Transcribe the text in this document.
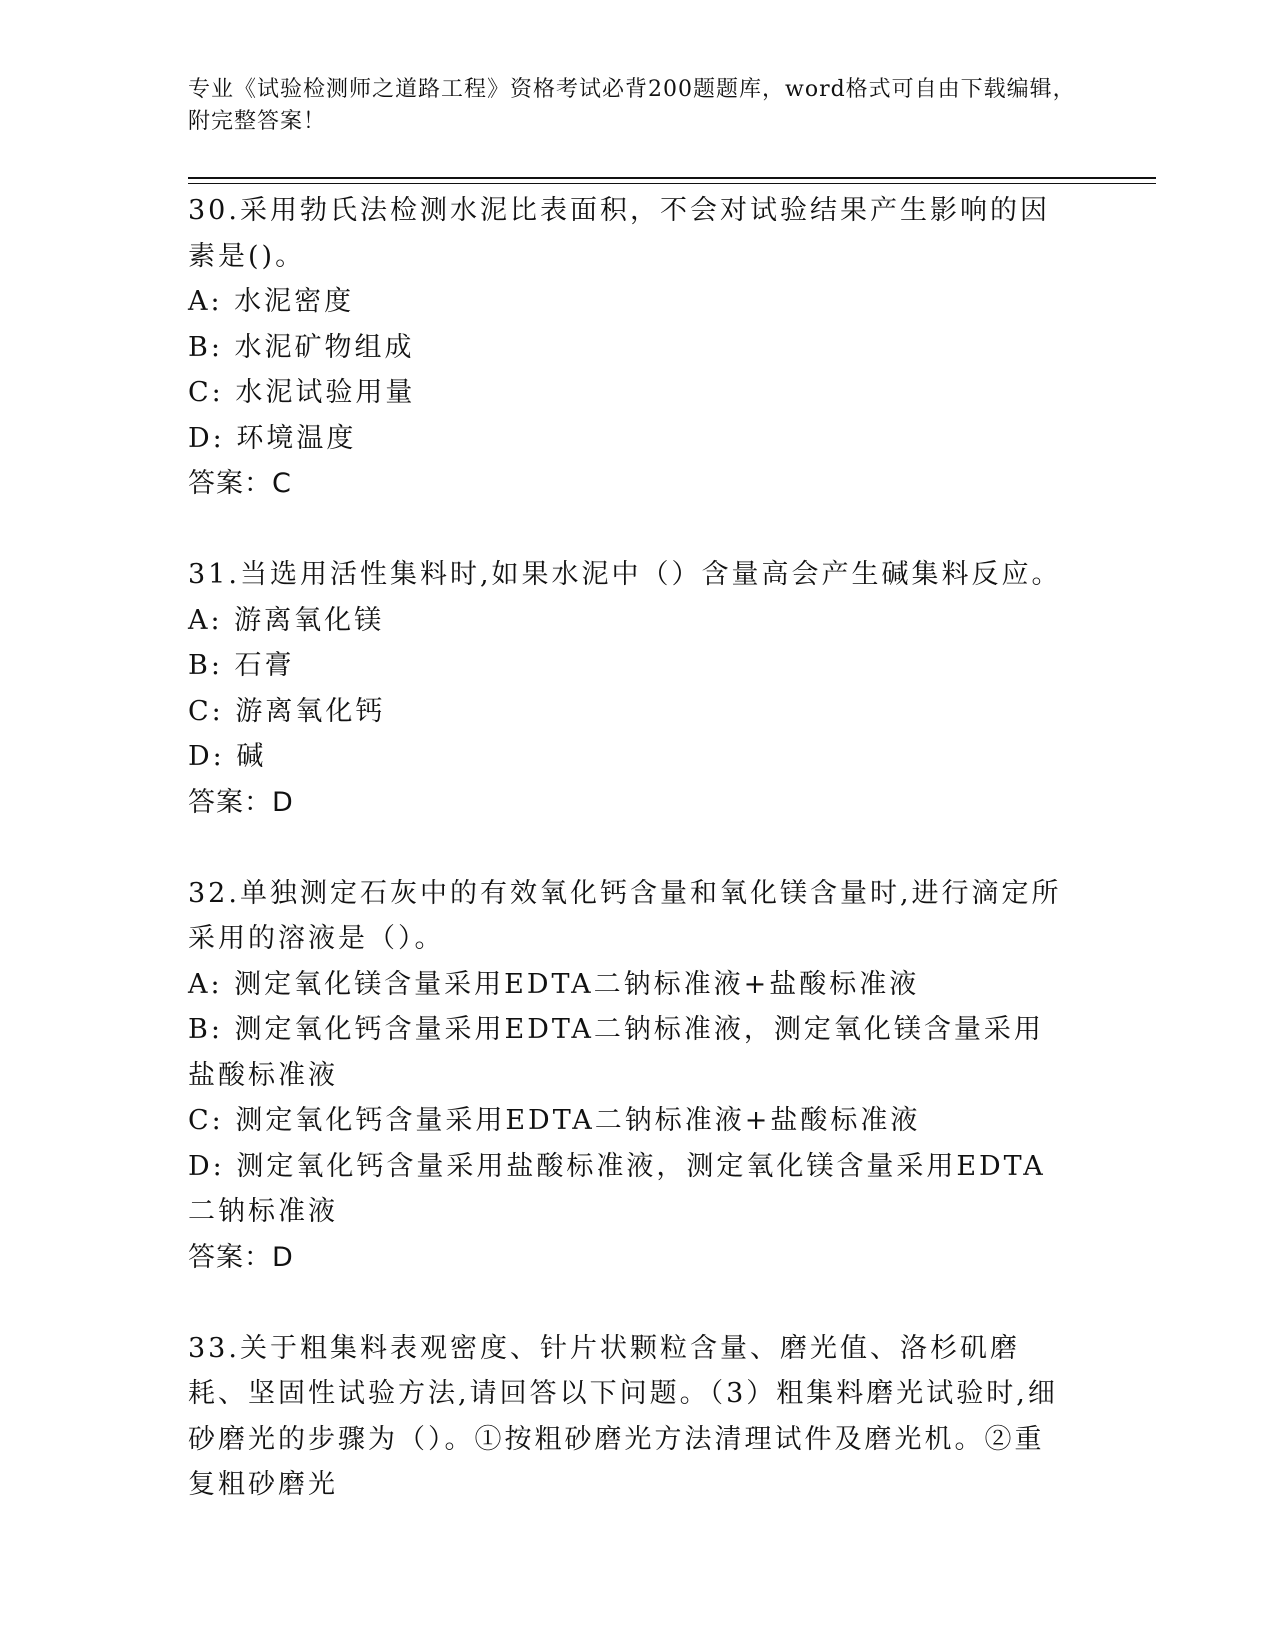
专业《试验检测师之道路工程》资格考试必背200题题库，word格式可自由下载编辑，附完整答案！

30.采用勃氏法检测水泥比表面积，不会对试验结果产生影响的因素是()。

A: 水泥密度

B: 水泥矿物组成

C: 水泥试验用量

D: 环境温度

答案：C

31.当选用活性集料时,如果水泥中（）含量高会产生碱集料反应。

A: 游离氧化镁

B: 石膏

C: 游离氧化钙

D: 碱

答案：D

32.单独测定石灰中的有效氧化钙含量和氧化镁含量时,进行滴定所采用的溶液是（）。

A: 测定氧化镁含量采用EDTA二钠标准液+盐酸标准液

B: 测定氧化钙含量采用EDTA二钠标准液，测定氧化镁含量采用盐酸标准液

C: 测定氧化钙含量采用EDTA二钠标准液+盐酸标准液

D: 测定氧化钙含量采用盐酸标准液，测定氧化镁含量采用EDTA二钠标准液

答案：D

33.关于粗集料表观密度、针片状颗粒含量、磨光值、洛杉矶磨耗、坚固性试验方法,请回答以下问题。（3）粗集料磨光试验时,细砂磨光的步骤为（）。①按粗砂磨光方法清理试件及磨光机。②重复粗砂磨光
